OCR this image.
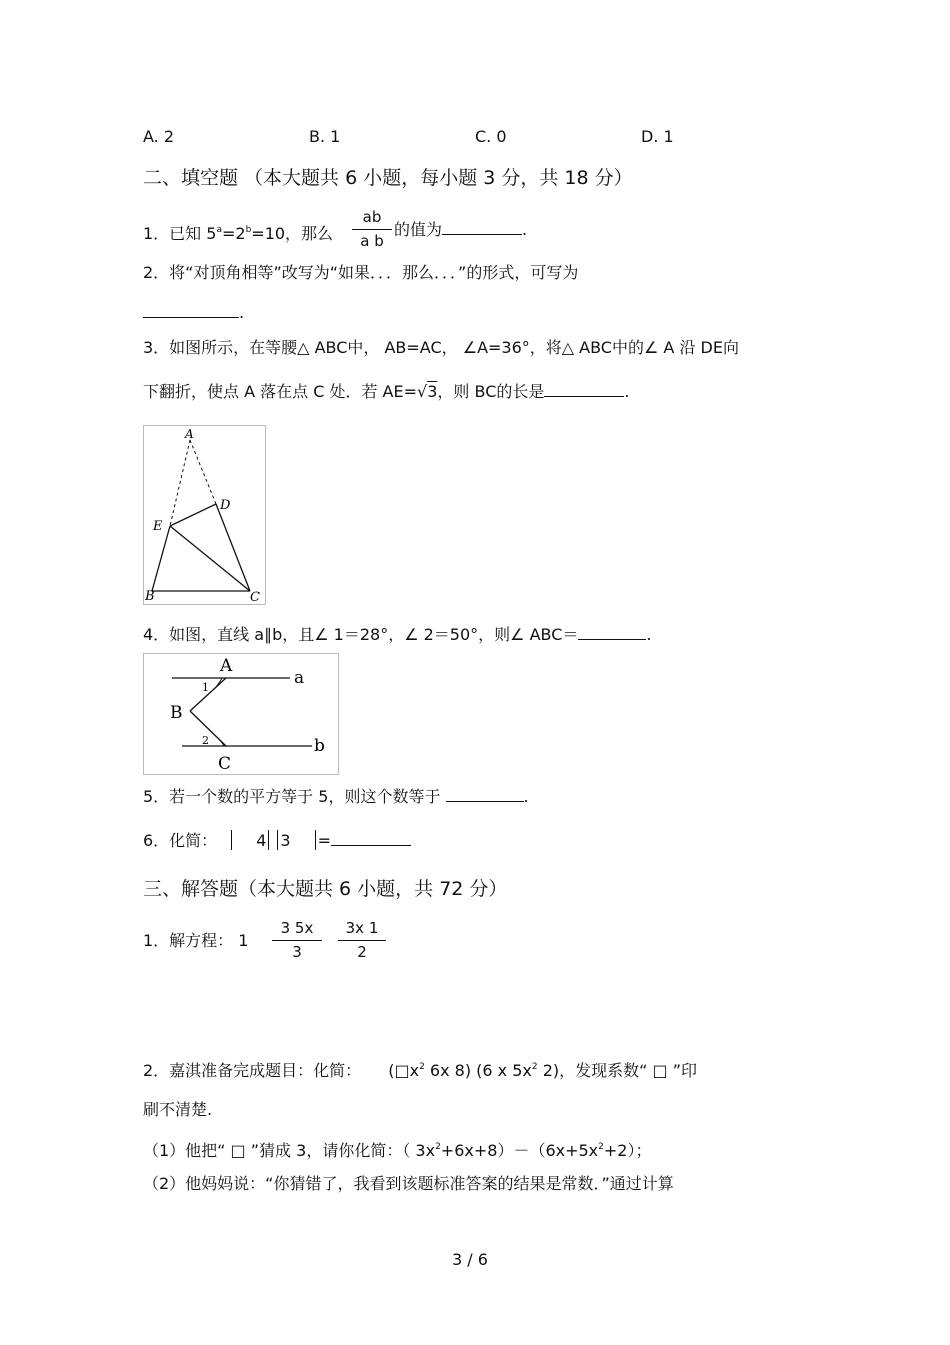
A. 2	B. 1	C. 0	D. 1
二、填空题 （本大题共 6 小题，每小题 3 分，共 18 分）
1．已知 $5^a=2^b=10$，那么
ab
a b
的值为	.
2．将“对顶角相等”改写为“如果．．．那么．．．”的形式，可写为
.
3．如图所示，在等腰△ ABC中， AB=AC， ∠A=36°，将△ ABC中的∠ A 沿 DE向
下翻折，使点 A 落在点 C 处．若 AE=√3，则 BC的长是	.
A
D
E
B	C
4．如图，直线 a∥b，且∠ 1＝28°，∠ 2＝50°，则∠ ABC＝	.
A
a
1
B
2	b
C
5．若一个数的平方等于 5，则这个数等于	.
6．化简： 4 3 =
三、解答题（本大题共 6 小题，共 72 分）
1．解方程： 1
3 5x
3
3x 1
2
2．嘉淇准备完成题目：化简： ($□x^2$ 6x 8) (6 x $5x^2$ 2)，发现系数“ □ ”印
刷不清楚.
（1）他把“ □ ”猜成 3，请你化简：（ $3x^2+6x+8)-(6x+5x^2+2)$；
（2）他妈妈说：“你猜错了，我看到该题标准答案的结果是常数．”通过计算
3 / 6
